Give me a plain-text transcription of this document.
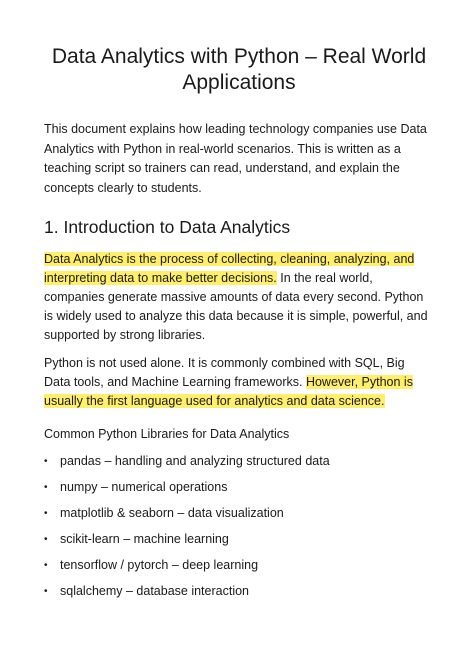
Data Analytics with Python – Real World Applications

This document explains how leading technology companies use Data Analytics with Python in real-world scenarios. This is written as a teaching script so trainers can read, understand, and explain the concepts clearly to students.

1. Introduction to Data Analytics

Data Analytics is the process of collecting, cleaning, analyzing, and interpreting data to make better decisions. In the real world, companies generate massive amounts of data every second. Python is widely used to analyze this data because it is simple, powerful, and supported by strong libraries.

Python is not used alone. It is commonly combined with SQL, Big Data tools, and Machine Learning frameworks. However, Python is usually the first language used for analytics and data science.

Common Python Libraries for Data Analytics

• pandas – handling and analyzing structured data
• numpy – numerical operations
• matplotlib & seaborn – data visualization
• scikit-learn – machine learning
• tensorflow / pytorch – deep learning
• sqlalchemy – database interaction
